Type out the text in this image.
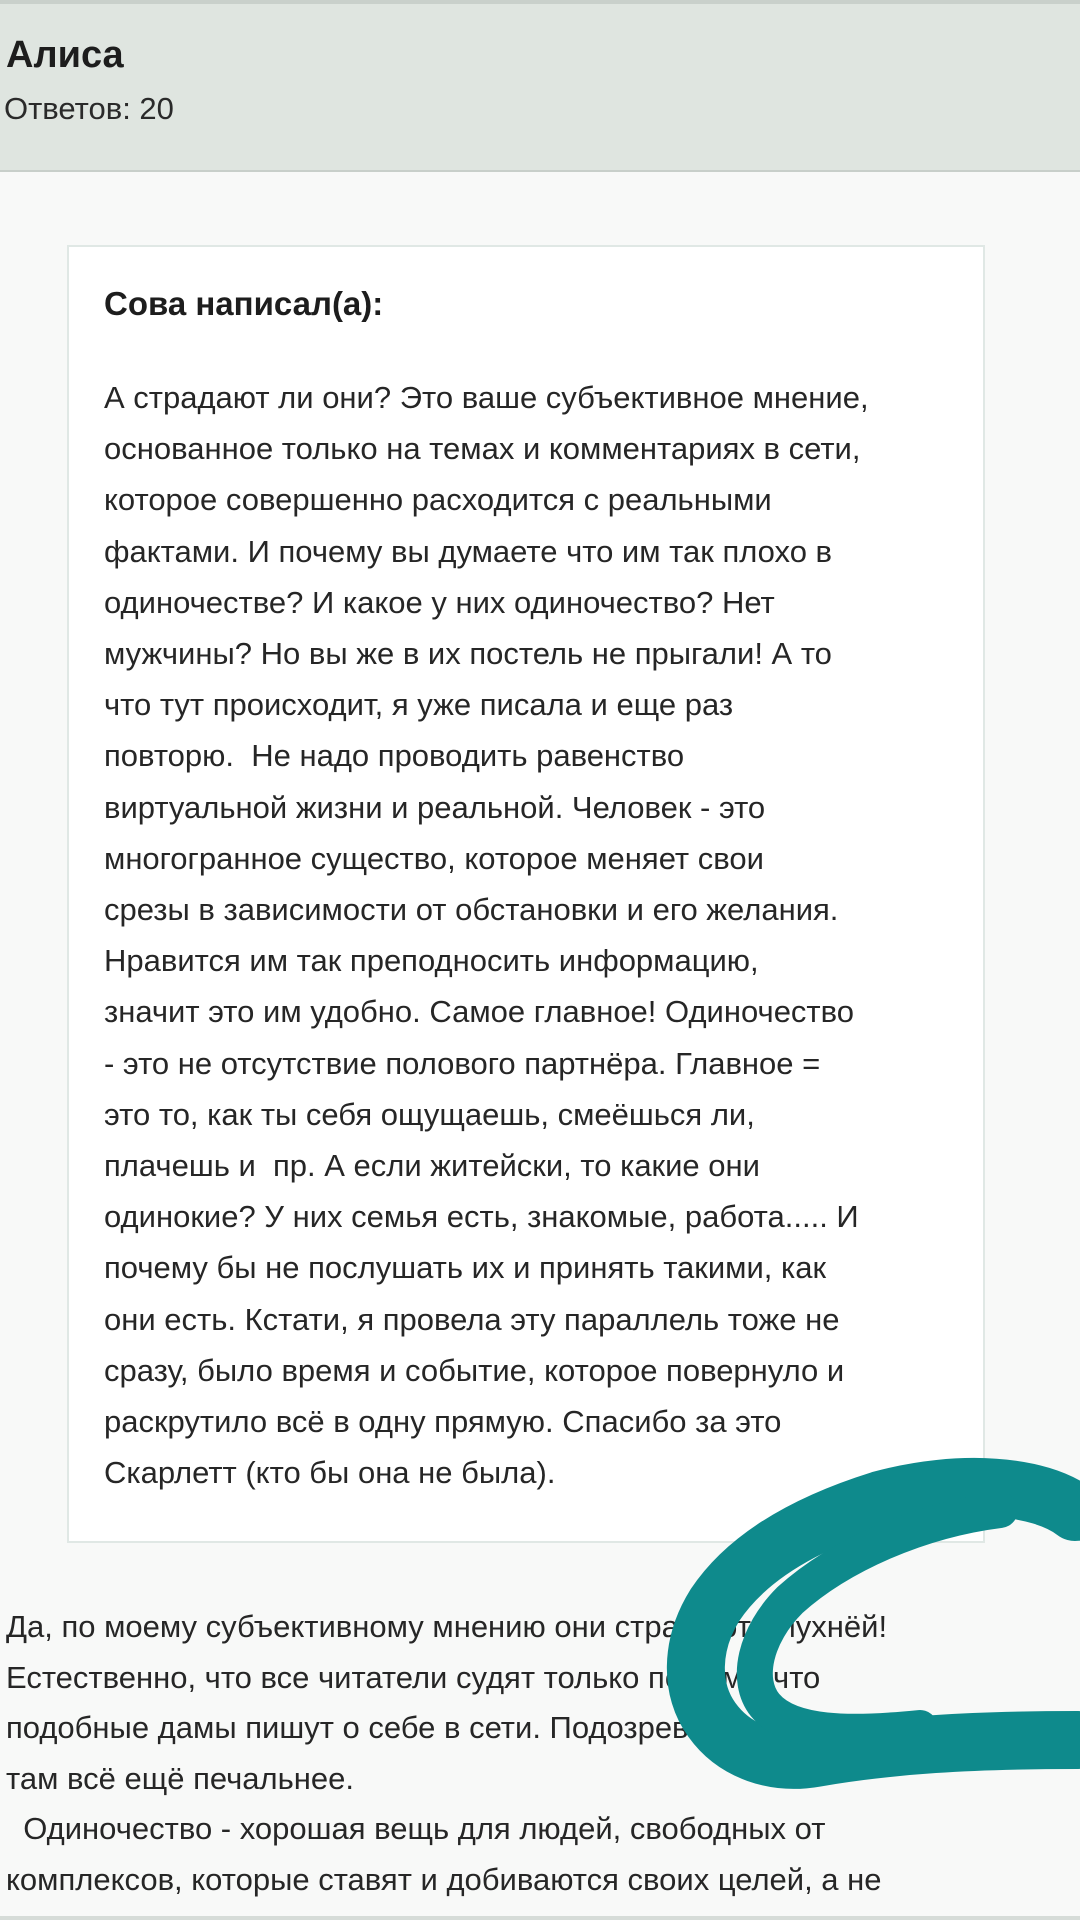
Алиса
Ответов: 20
Сова написал(а):
А страдают ли они? Это ваше субъективное мнение,
основанное только на темах и комментариях в сети,
которое совершенно расходится с реальными
фактами. И почему вы думаете что им так плохо в
одиночестве? И какое у них одиночество? Нет
мужчины? Но вы же в их постель не прыгали! А то
что тут происходит, я уже писала и еще раз
повторю.  Не надо проводить равенство
виртуальной жизни и реальной. Человек - это
многогранное существо, которое меняет свои
срезы в зависимости от обстановки и его желания.
Нравится им так преподносить информацию,
значит это им удобно. Самое главное! Одиночество
- это не отсутствие полового партнёра. Главное =
это то, как ты себя ощущаешь, смеёшься ли,
плачешь и  пр. А если житейски, то какие они
одинокие? У них семья есть, знакомые, работа..... И
почему бы не послушать их и принять такими, как
они есть. Кстати, я провела эту параллель тоже не
сразу, было время и событие, которое повернуло и
раскрутило всё в одну прямую. Спасибо за это
Скарлетт (кто бы она не была).
Да, по моему субъективному мнению они страдают - йухнёй!
Естественно, что все читатели судят только по тому, что
подобные дамы пишут о себе в сети. Подозреваю, что
там всё ещё печальнее.
Одиночество - хорошая вещь для людей, свободных от
комплексов, которые ставят и добиваются своих целей, а не
